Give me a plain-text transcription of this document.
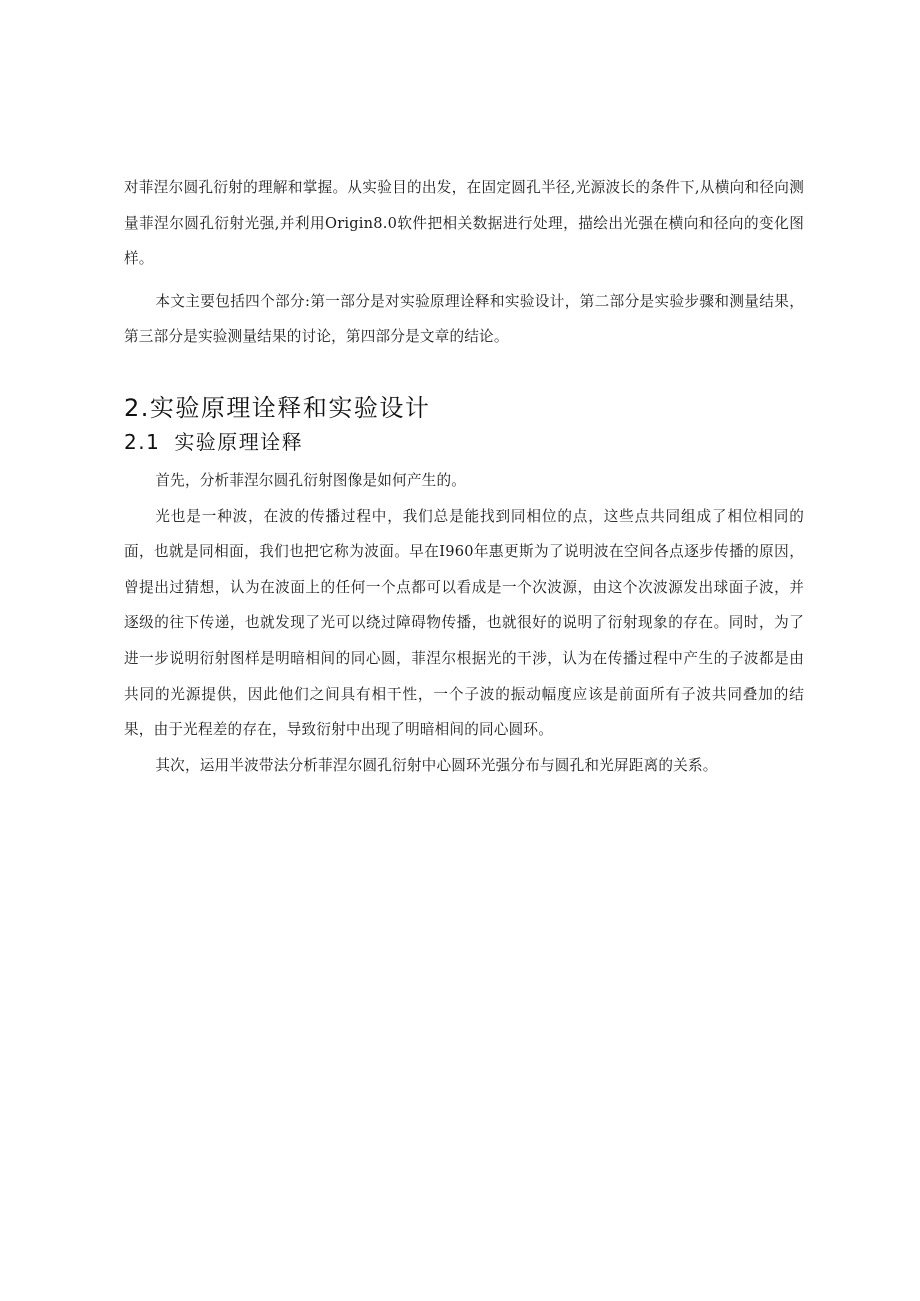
对菲涅尔圆孔衍射的理解和掌握。从实验目的出发，在固定圆孔半径,光源波长的条件下,从横向和径向测量菲涅尔圆孔衍射光强,并利用Origin8.0软件把相关数据进行处理，描绘出光强在横向和径向的变化图样。

本文主要包括四个部分:第一部分是对实验原理诠释和实验设计，第二部分是实验步骤和测量结果，第三部分是实验测量结果的讨论，第四部分是文章的结论。

2.实验原理诠释和实验设计
2.1 实验原理诠释

首先，分析菲涅尔圆孔衍射图像是如何产生的。

光也是一种波，在波的传播过程中，我们总是能找到同相位的点，这些点共同组成了相位相同的面，也就是同相面，我们也把它称为波面。早在I960年惠更斯为了说明波在空间各点逐步传播的原因，曾提出过猜想，认为在波面上的任何一个点都可以看成是一个次波源，由这个次波源发出球面子波，并逐级的往下传递，也就发现了光可以绕过障碍物传播，也就很好的说明了衍射现象的存在。同时，为了进一步说明衍射图样是明暗相间的同心圆，菲涅尔根据光的干涉，认为在传播过程中产生的子波都是由共同的光源提供，因此他们之间具有相干性，一个子波的振动幅度应该是前面所有子波共同叠加的结果，由于光程差的存在，导致衍射中出现了明暗相间的同心圆环。

其次，运用半波带法分析菲涅尔圆孔衍射中心圆环光强分布与圆孔和光屏距离的关系。
